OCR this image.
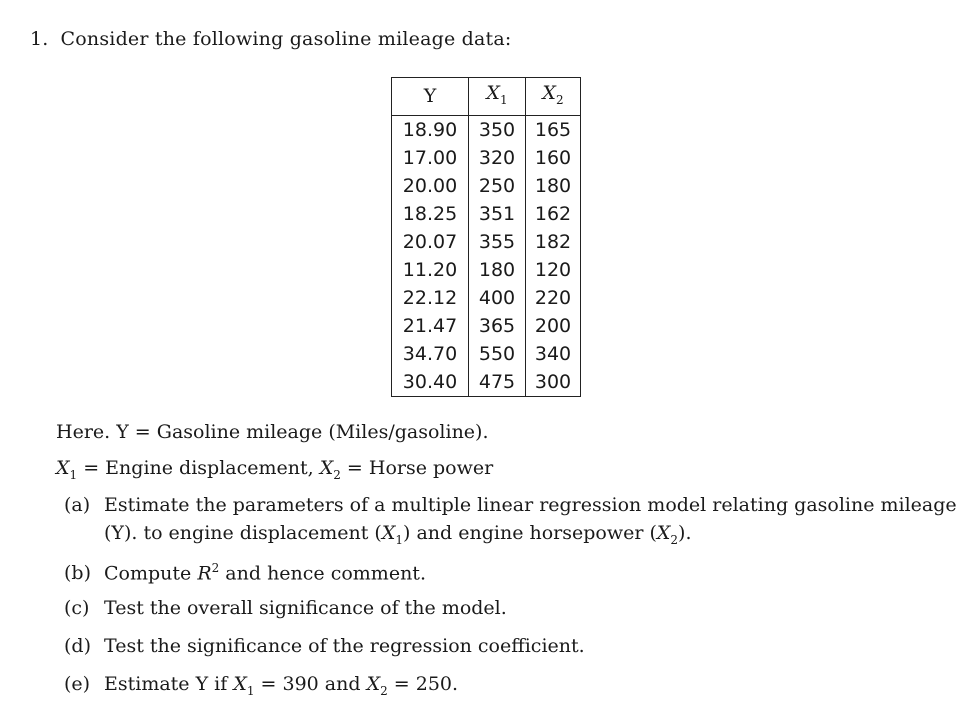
1. Consider the following gasoline mileage data:
Y	$X_1$	$X_2$
18.90	350	165
17.00	320	160
20.00	250	180
18.25	351	162
20.07	355	182
11.20	180	120
22.12	400	220
21.47	365	200
34.70	550	340
30.40	475	300
Here. Y = Gasoline mileage (Miles/gasoline).
$X_1$ = Engine displacement, $X_2$ = Horse power
(a) Estimate the parameters of a multiple linear regression model relating gasoline mileage
(Y). to engine displacement $(X_1)$ and engine horsepower $(X_2)$.
(b) Compute $R^2$ and hence comment.
(c) Test the overall significance of the model.
(d) Test the significance of the regression coefficient.
(e) Estimate Y if $X_1 = 390$ and $X_2 = 250$.
